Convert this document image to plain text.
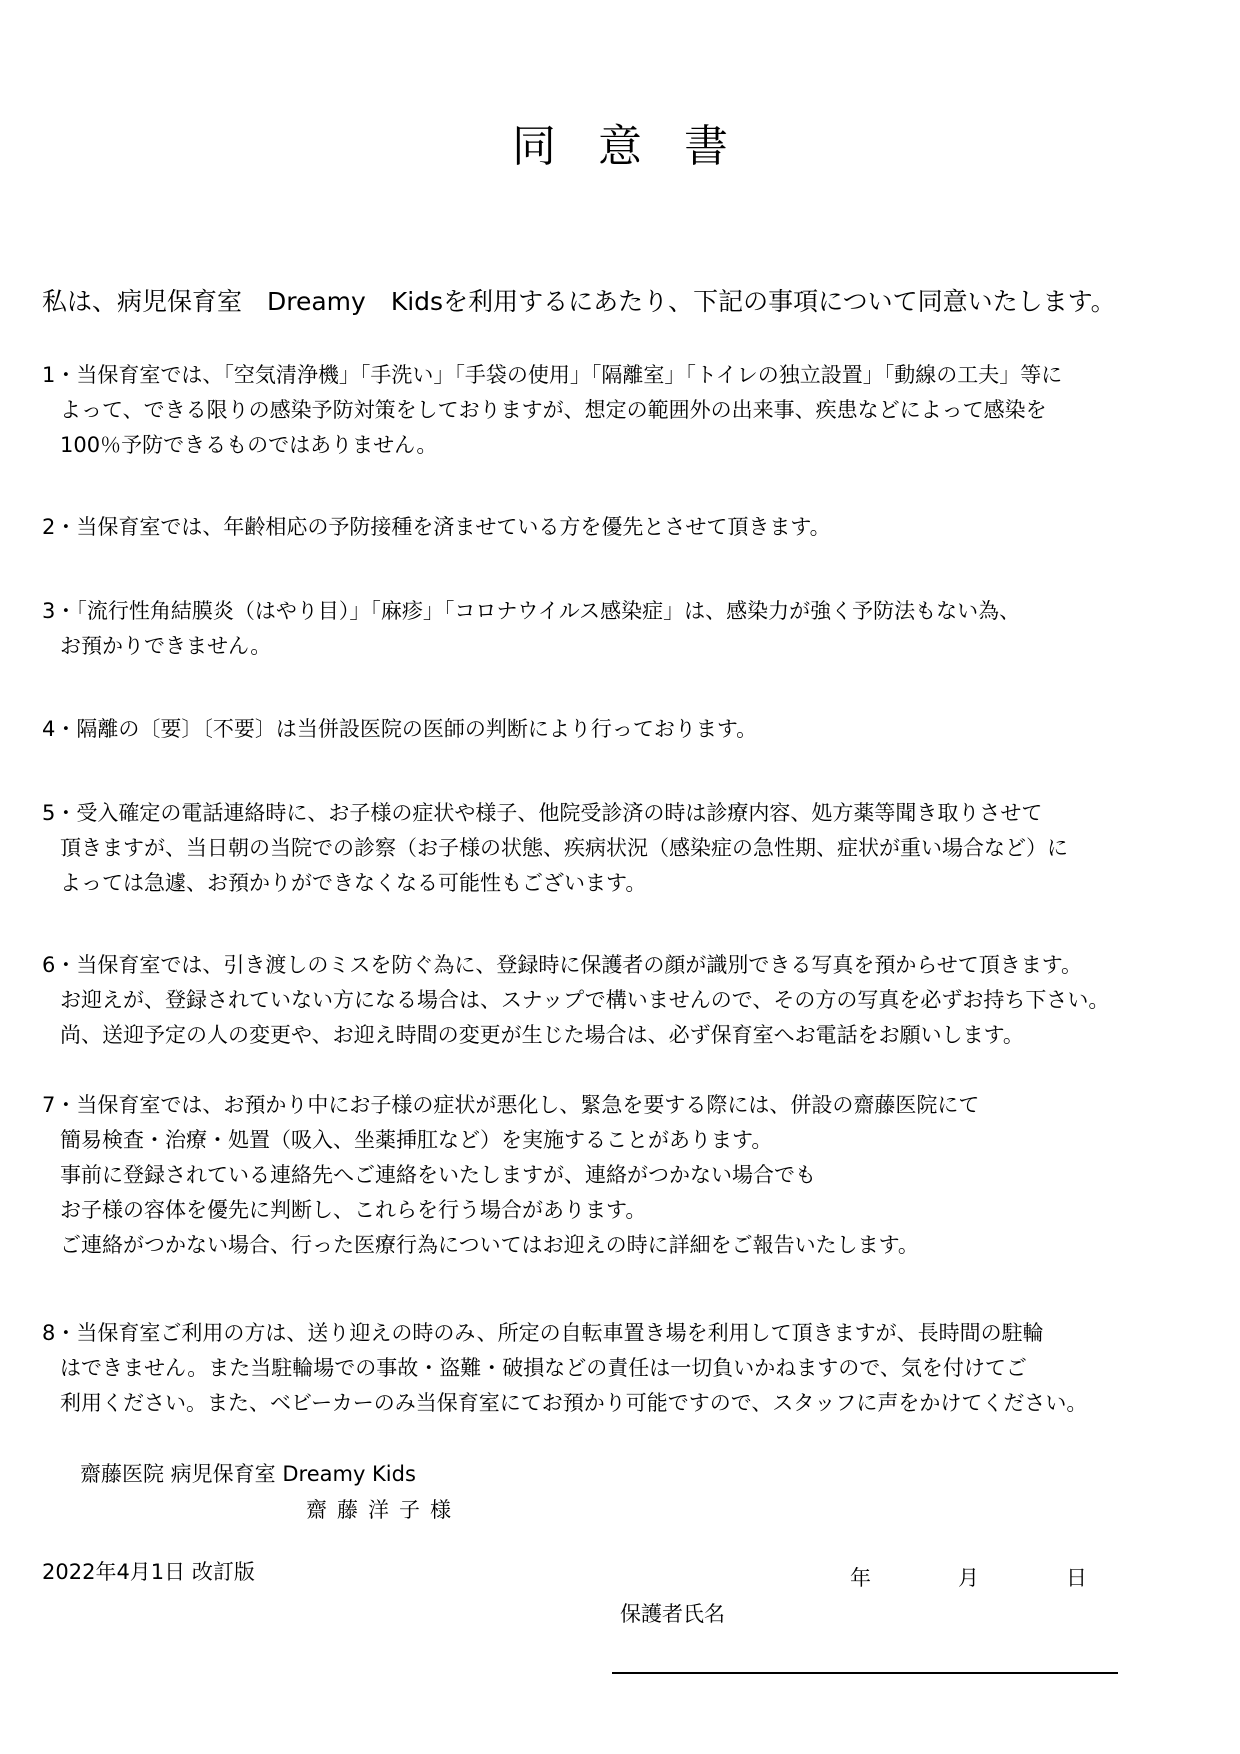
同意書
私は、病児保育室　Dreamy　Kidsを利用するにあたり、下記の事項について同意いたします。
1・当保育室では、「空気清浄機」「手洗い」「手袋の使用」「隔離室」「トイレの独立設置」「動線の工夫」等に
よって、できる限りの感染予防対策をしておりますが、想定の範囲外の出来事、疾患などによって感染を
100％予防できるものではありません。
2・当保育室では、年齢相応の予防接種を済ませている方を優先とさせて頂きます。
3・「流行性角結膜炎（はやり目）」「麻疹」「コロナウイルス感染症」は、感染力が強く予防法もない為、
お預かりできません。
4・隔離の〔要〕〔不要〕は当併設医院の医師の判断により行っております。
5・受入確定の電話連絡時に、お子様の症状や様子、他院受診済の時は診療内容、処方薬等聞き取りさせて
頂きますが、当日朝の当院での診察（お子様の状態、疾病状況（感染症の急性期、症状が重い場合など）に
よっては急遽、お預かりができなくなる可能性もございます。
6・当保育室では、引き渡しのミスを防ぐ為に、登録時に保護者の顔が識別できる写真を預からせて頂きます。
お迎えが、登録されていない方になる場合は、スナップで構いませんので、その方の写真を必ずお持ち下さい。
尚、送迎予定の人の変更や、お迎え時間の変更が生じた場合は、必ず保育室へお電話をお願いします。
7・当保育室では、お預かり中にお子様の症状が悪化し、緊急を要する際には、併設の齋藤医院にて
簡易検査・治療・処置（吸入、坐薬挿肛など）を実施することがあります。
事前に登録されている連絡先へご連絡をいたしますが、連絡がつかない場合でも
お子様の容体を優先に判断し、これらを行う場合があります。
ご連絡がつかない場合、行った医療行為についてはお迎えの時に詳細をご報告いたします。
8・当保育室ご利用の方は、送り迎えの時のみ、所定の自転車置き場を利用して頂きますが、長時間の駐輪
はできません。また当駐輪場での事故・盗難・破損などの責任は一切負いかねますので、気を付けてご
利用ください。また、ベビーカーのみ当保育室にてお預かり可能ですので、スタッフに声をかけてください。
齋藤医院 病児保育室 Dreamy Kids
齋藤洋子様
2022年4月1日 改訂版	年	月	日
保護者氏名
